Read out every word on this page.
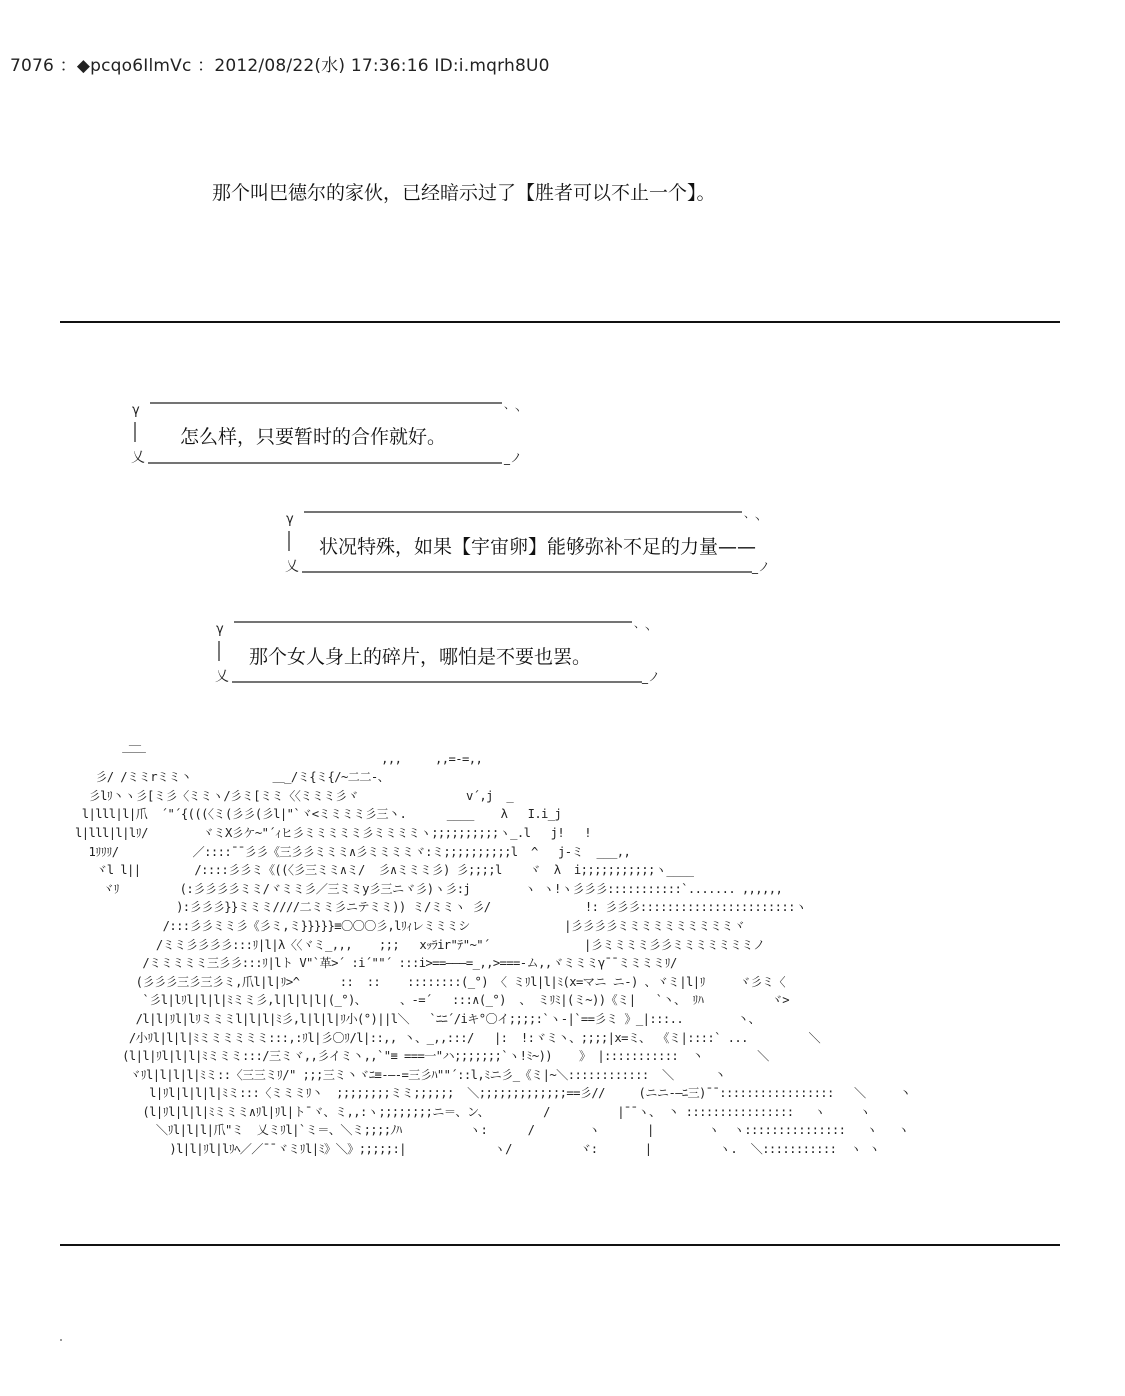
7076 ：◆pcqo6IlmVc ：2012/08/22(水) 17:36:16 ID:i.mqrh8U0
那个叫巴德尔的家伙，已经暗示过了【胜者可以不止一个】。
γ	、
丶
乂	_ノ
怎么样，只要暂时的合作就好。
γ	、
丶
乂	_ノ
状况特殊，如果【宇宙卵】能够弥补不足的力量——
γ	、
丶
乂	_ノ
那个女人身上的碎片，哪怕是不要也罢。
＿
￣￣                                   ,,,     ,,=-=,,
彡/ /ミミrミミ丶            ＿_/ミ{ミ{/~二二-、
彡lﾘ丶ヽ彡[ミ彡〈ミミヽ/彡ミ[ミミ〈〈ミミミ彡ヾ                v´,j  _
l|lll|l|爪  ´"´{(((〈ミ(彡彡(彡l|"`ヾ<ミミミミ彡三丶.      ____    λ   I.i_j
l|lll|l|lﾘ/        ヾミX彡ケ~"´ｨヒ彡ミミミミミ彡ミミミミヽ;;;;;;;;;;ヽ_.l   j!   !
1ﾘﾘﾘ/           ／::::¯¯彡彡《三彡彡ミミミ∧彡ミミミミヾ:ミ;;;;;;;;;;l  ^   j-ミ  ___,,
ヾl l||        /::::彡彡ミ《((〈彡三ミミ∧ミ/  彡∧ミミミ彡) 彡;;;;l    ヾ  λ  i;;;;;;;;;;;ヽ____
ヾﾘ         (:彡彡彡彡ミミ/ヾミミ彡／三ミミy彡三ニヾ彡)ヽ彡:j        ヽ ヽ!ヽ彡彡彡:::::::::::`....... ,,,,,,
):彡彡彡}}ミミミ////二ミミ彡ニテミミ)) ミ/ミミヽ 彡/              !: 彡彡彡:::::::::::::::::::::::ヽ
/:::彡彡ミミ彡《彡ミ,ミ}}}}}≡〇〇〇彡,lﾘｨレミミミシ              |彡彡彡彡ミミミミミミミミミミヾ
/ミミ彡彡彡彡:::ﾘ|l|λ〈〈ヾミ_,,,    ;;;   xｯﾗir"ﾃ"~"´              |彡ミミミミ彡彡ミミミミミミミノ
/ミミミミミ三彡彡:::ﾘ|lト V"`革>´ :i´""´ :::i>==―――=_,,>===-ム,,ヾミミミγ¯¯ミミミミﾘ/
(彡彡彡三彡三彡ミ,爪l|l|ﾘ>^      ::  ::    ::::::::(_°) 〈 ミﾘl|l|ﾐ(x=マニ ニ-) 、ヾミ|l|ﾘ     ヾ彡ミ〈
`彡l|lﾘl|l|l|ﾐミミ彡,l|l|l|l|(_°)、     、-=´   :::∧(_°)  、 ミﾘﾐ|(ミ~))《ミ|   `丶、 ﾘﾊ          ヾ>
/l|l|ﾘl|lﾘミミミl|l|l|ﾐ彡,l|l|l|ﾘ小(°)||l＼   `ﾆﾆ´/iキ°〇イ;;;;:`ヽ-|`==彡ミ 》_|:::..        丶、
/小ﾘl|l|l|ﾐミミミミミミ:::,:ﾘl|彡〇ﾘ/l|::,, 丶、_,,:::/   |:  !:ヾミ丶、;;;;|x=ミ、 《ミ|::::` ...         ＼
(l|l|ﾘl|l|l|ﾐミミミ:::/三ミヾ,,彡イミ丶,,`"≡ ===一"ハ;;;;;;;`ヽ!ﾐ~))    》 |:::::::::::  丶        ＼
ヾﾘl|l|l|l|ﾐミ::〈三三ミﾘ/" ;;;三ミ丶ヾﾆ≡-―-=三彡ﾊ""´::l,ﾐニ彡_《ミ|~＼::::::::::::  ＼      丶
l|ﾘl|l|l|l|ﾐミ:::〈ミミミﾘ丶  ;;;;;;;;ミミ;;;;;;  ＼;;;;;;;;;;;;;==彡//     (ニニ-―ﾆ三)¯¯:::::::::::::::::   ＼     丶
(l|ﾘl|l|l|ﾐミミミ∧ﾘl|ﾘl|ト¯ヾ、ミ,,:ヽ;;;;;;;;ニ＝、ン、        /          |¯¯ヽ、 丶 ::::::::::::::::   ヽ     ヽ
＼ﾘl|l|l|爪"ミ  乂ミﾘl|`ミ＝、＼ミ;;;;ﾉﾊ          ヽ:      /        ヽ       |        ヽ  ヽ:::::::::::::::   ヽ   ヽ
)l|l|ﾘl|lﾘﾍ／／¯¯ヾミﾘl|ﾐ》＼》;;;;;:|             ヽ/          ヾ:       |          ヽ.  ＼:::::::::::  ヽ ヽ
